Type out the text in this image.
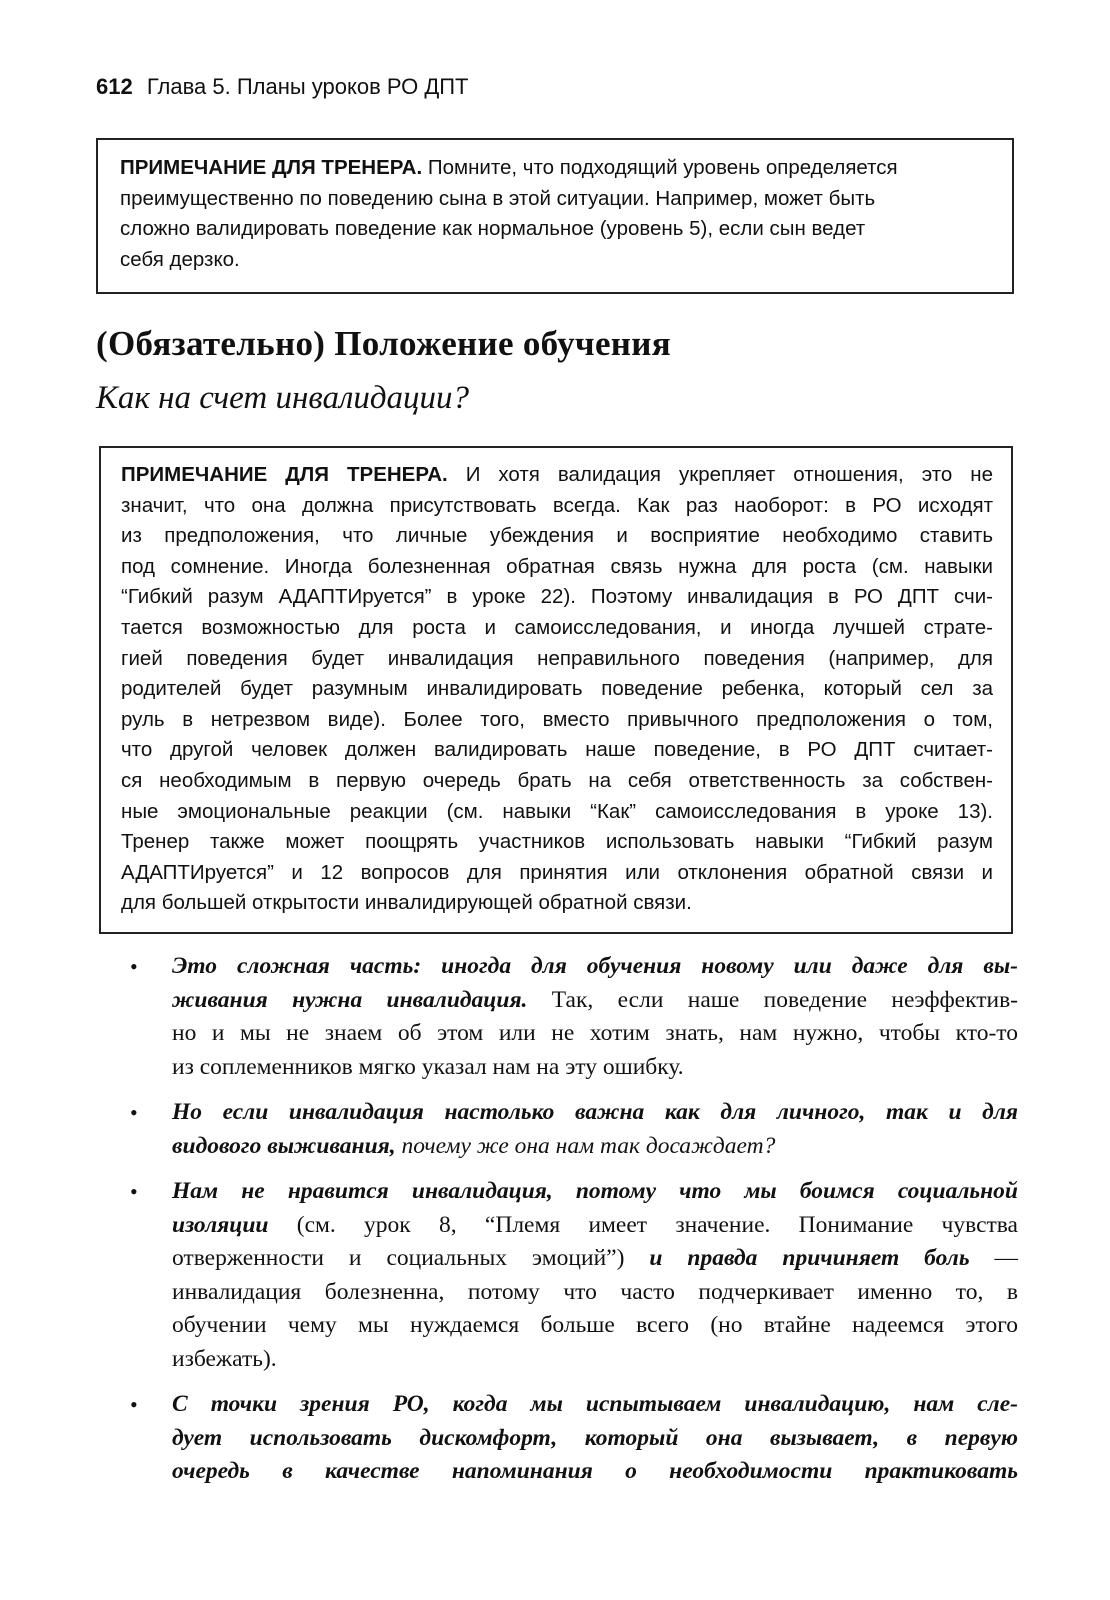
612 Глава 5. Планы уроков РО ДПТ
ПРИМЕЧАНИЕ ДЛЯ ТРЕНЕРА. Помните, что подходящий уровень определяется
преимущественно по поведению сына в этой ситуации. Например, может быть
сложно валидировать поведение как нормальное (уровень 5), если сын ведет
себя дерзко.
(Обязательно) Положение обучения
Как на счет инвалидации?
ПРИМЕЧАНИЕ ДЛЯ ТРЕНЕРА. И хотя валидация укрепляет отношения, это не
значит, что она должна присутствовать всегда. Как раз наоборот: в РО исходят
из предположения, что личные убеждения и восприятие необходимо ставить
под сомнение. Иногда болезненная обратная связь нужна для роста (см. навыки
“Гибкий разум АДАПТИруется” в уроке 22). Поэтому инвалидация в РО ДПТ счи-
тается возможностью для роста и самоисследования, и иногда лучшей страте-
гией поведения будет инвалидация неправильного поведения (например, для
родителей будет разумным инвалидировать поведение ребенка, который сел за
руль в нетрезвом виде). Более того, вместо привычного предположения о том,
что другой человек должен валидировать наше поведение, в РО ДПТ считает-
ся необходимым в первую очередь брать на себя ответственность за собствен-
ные эмоциональные реакции (см. навыки “Как” самоисследования в уроке 13).
Тренер также может поощрять участников использовать навыки “Гибкий разум
АДАПТИруется” и 12 вопросов для принятия или отклонения обратной связи и
для большей открытости инвалидирующей обратной связи.
• Это сложная часть: иногда для обучения новому или даже для вы-
живания нужна инвалидация. Так, если наше поведение неэффектив-
но и мы не знаем об этом или не хотим знать, нам нужно, чтобы кто-то
из соплеменников мягко указал нам на эту ошибку.
• Но если инвалидация настолько важна как для личного, так и для
видового выживания, почему же она нам так досаждает?
• Нам не нравится инвалидация, потому что мы боимся социальной
изоляции (см. урок 8, “Племя имеет значение. Понимание чувства
отверженности и социальных эмоций”) и правда причиняет боль —
инвалидация болезненна, потому что часто подчеркивает именно то, в
обучении чему мы нуждаемся больше всего (но втайне надеемся этого
избежать).
• С точки зрения РО, когда мы испытываем инвалидацию, нам сле-
дует использовать дискомфорт, который она вызывает, в первую
очередь в качестве напоминания о необходимости практиковать
